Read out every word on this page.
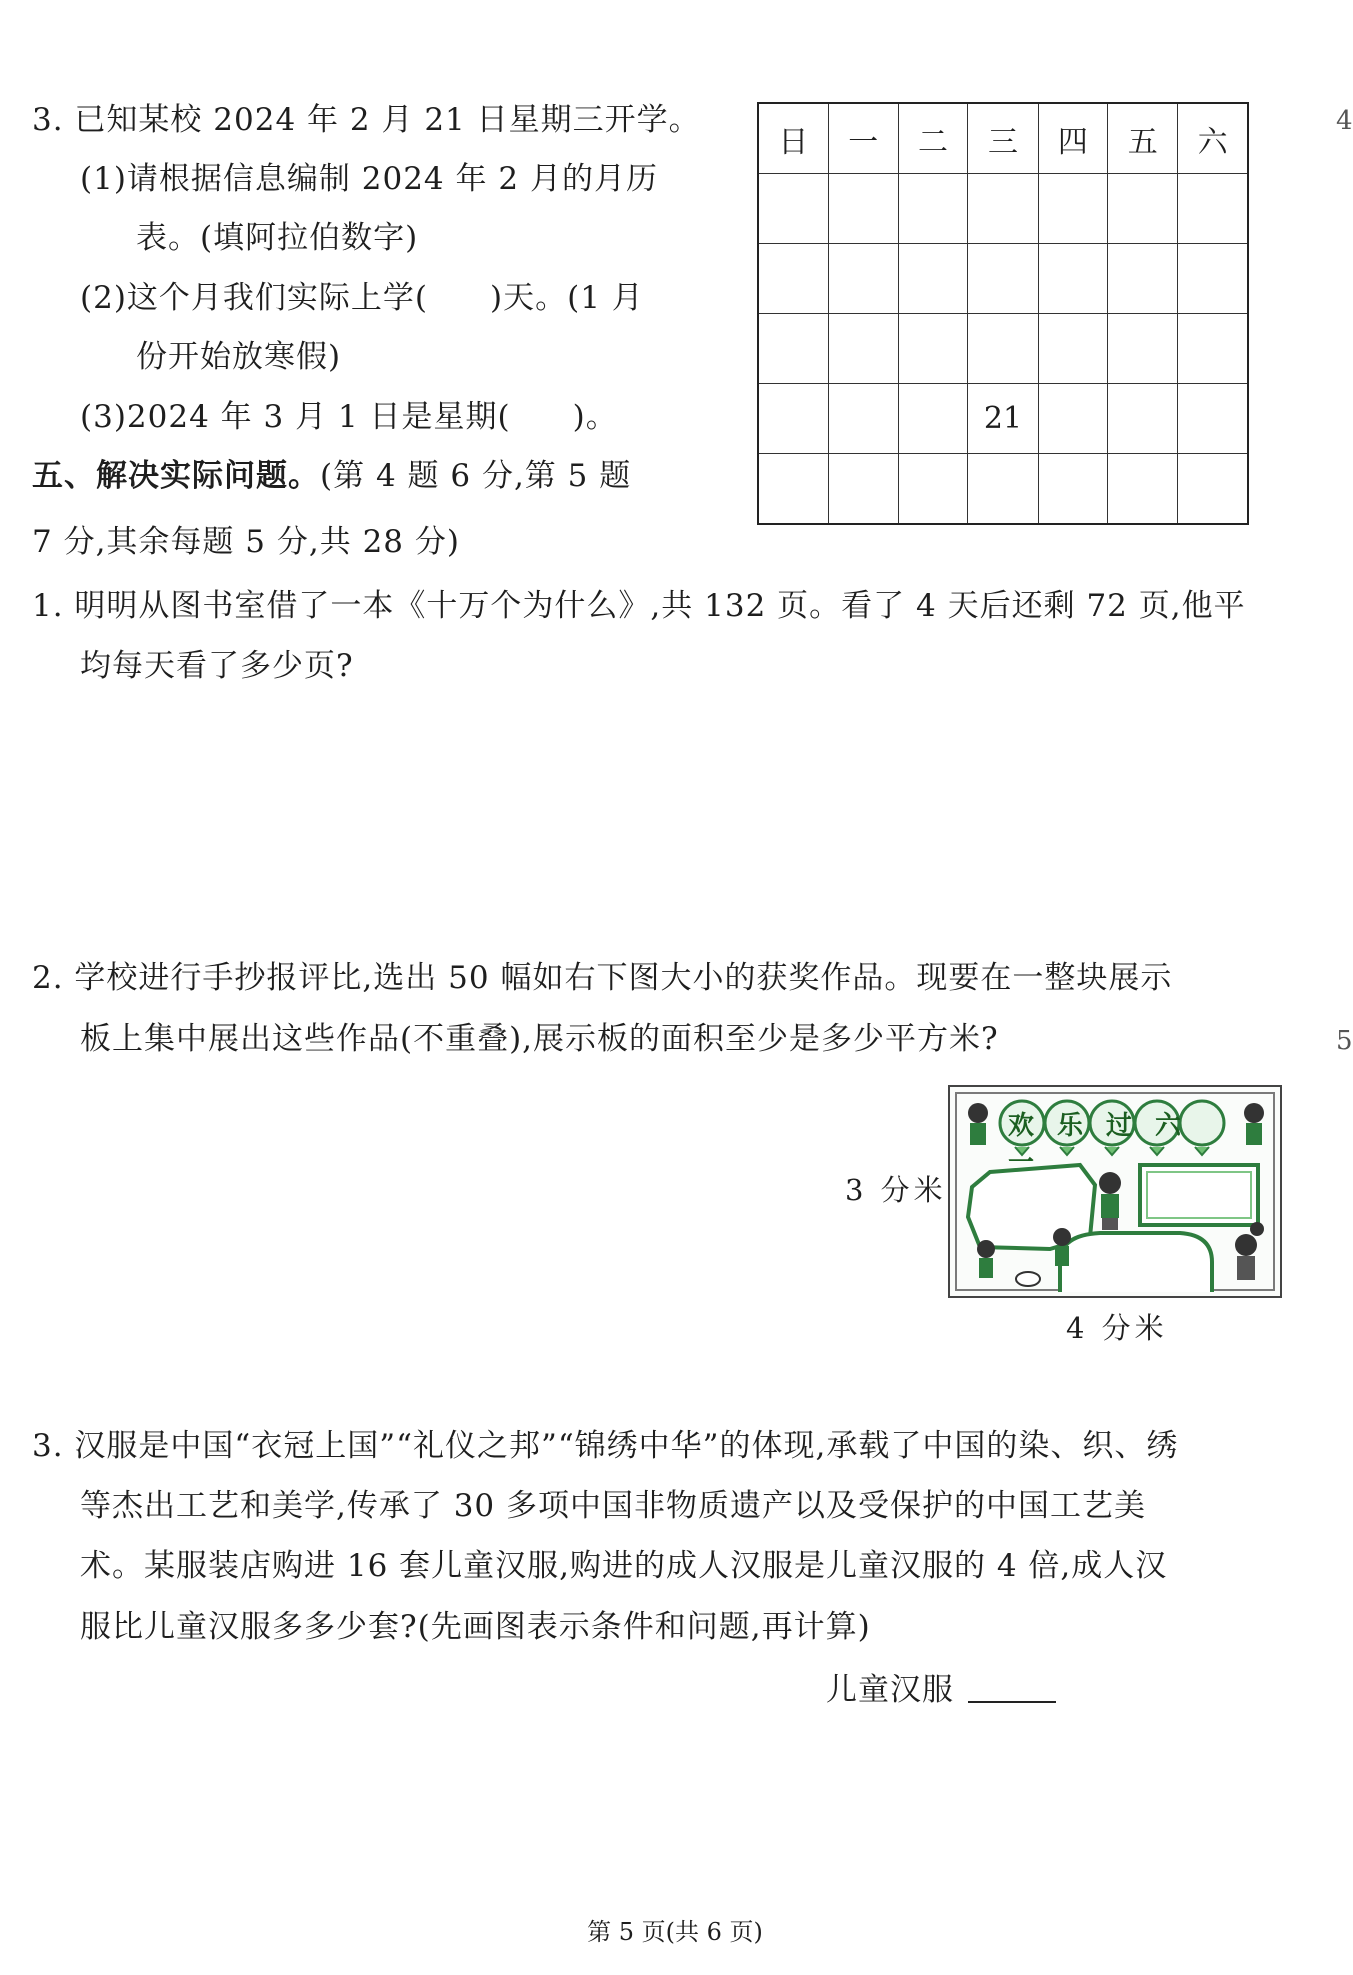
3. 已知某校 2024 年 2 月 21 日星期三开学。
(1)请根据信息编制 2024 年 2 月的月历
表。(填阿拉伯数字)
(2)这个月我们实际上学( )天。(1 月
份开始放寒假)
(3)2024 年 3 月 1 日是星期( )。
日	一	二	三	四	五	六

			21			

五、解决实际问题。(第 4 题 6 分,第 5 题
7 分,其余每题 5 分,共 28 分)
1. 明明从图书室借了一本《十万个为什么》,共 132 页。看了 4 天后还剩 72 页,他平
均每天看了多少页?
2. 学校进行手抄报评比,选出 50 幅如右下图大小的获奖作品。现要在一整块展示
板上集中展出这些作品(不重叠),展示板的面积至少是多少平方米?
3 分米
欢乐过六一
4 分米
3. 汉服是中国“衣冠上国”“礼仪之邦”“锦绣中华”的体现,承载了中国的染、织、绣
等杰出工艺和美学,传承了 30 多项中国非物质遗产以及受保护的中国工艺美
术。某服装店购进 16 套儿童汉服,购进的成人汉服是儿童汉服的 4 倍,成人汉
服比儿童汉服多多少套?(先画图表示条件和问题,再计算)
儿童汉服
4
5
第 5 页(共 6 页)
